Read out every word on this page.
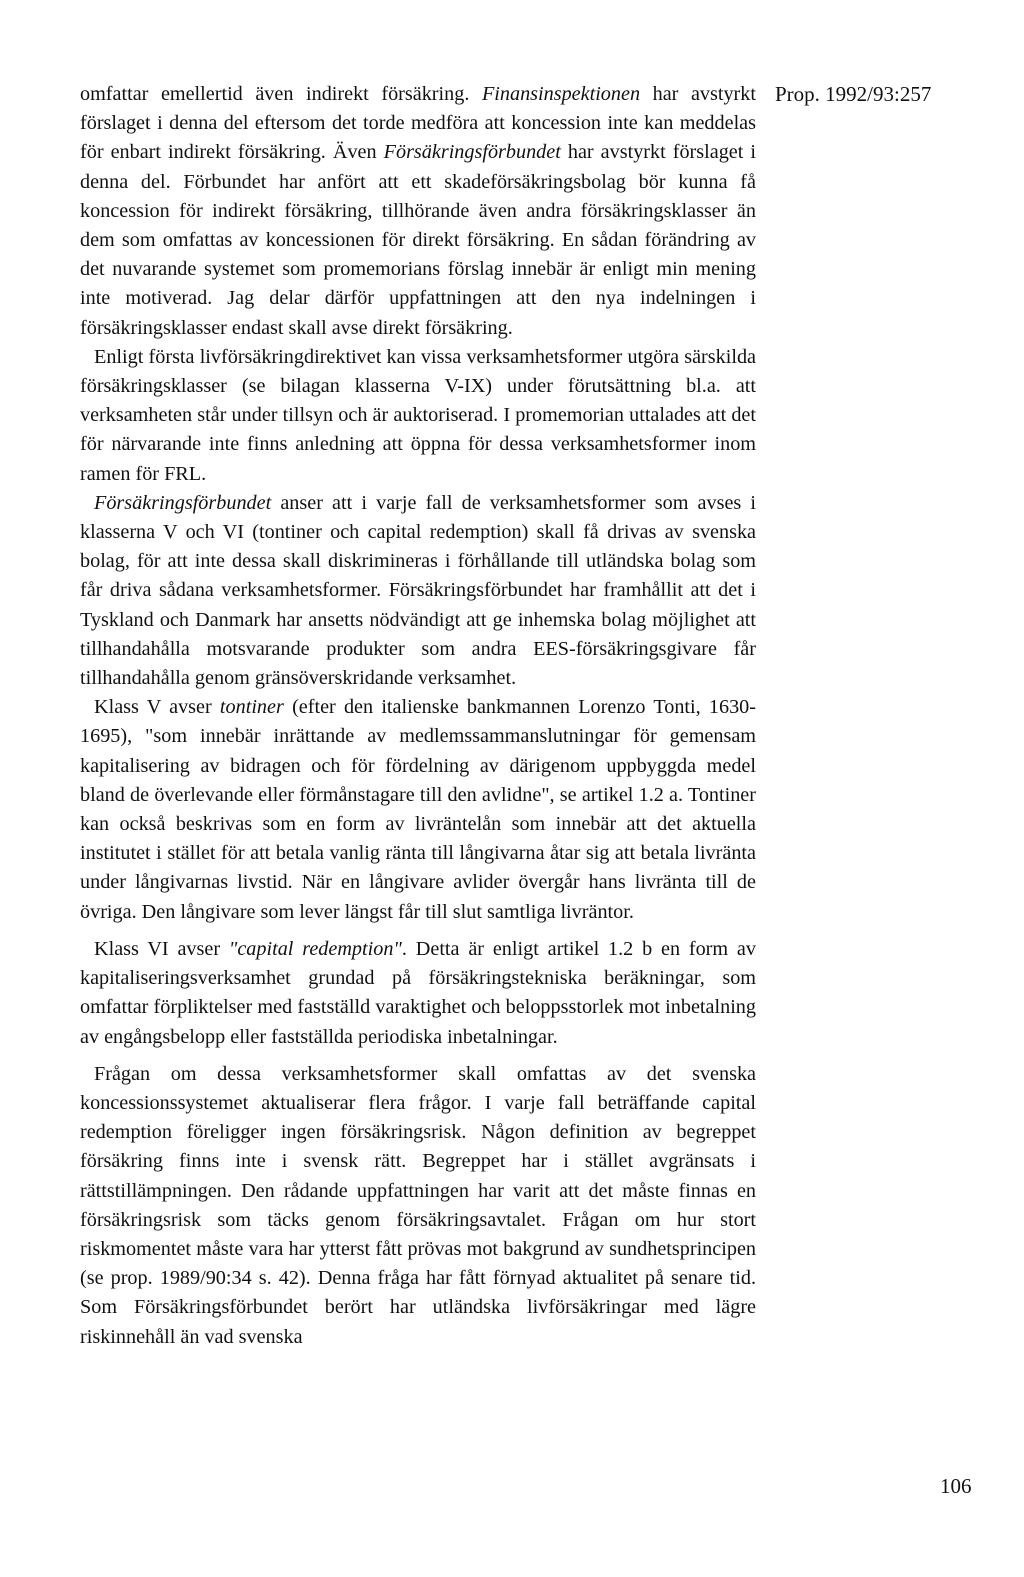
Prop. 1992/93:257

omfattar emellertid även indirekt försäkring. Finansinspektionen har avstyrkt förslaget i denna del eftersom det torde medföra att koncession inte kan meddelas för enbart indirekt försäkring. Även Försäkringsförbundet har avstyrkt förslaget i denna del. Förbundet har anfört att ett skadeförsäkringsbolag bör kunna få koncession för indirekt försäkring, tillhörande även andra försäkringsklasser än dem som omfattas av koncessionen för direkt försäkring. En sådan förändring av det nuvarande systemet som promemorians förslag innebär är enligt min mening inte motiverad. Jag delar därför uppfattningen att den nya indelningen i försäkringsklasser endast skall avse direkt försäkring.

Enligt första livförsäkringdirektivet kan vissa verksamhetsformer utgöra särskilda försäkringsklasser (se bilagan klasserna V-IX) under förutsättning bl.a. att verksamheten står under tillsyn och är auktoriserad. I promemorian uttalades att det för närvarande inte finns anledning att öppna för dessa verksamhetsformer inom ramen för FRL.

Försäkringsförbundet anser att i varje fall de verksamhetsformer som avses i klasserna V och VI (tontiner och capital redemption) skall få drivas av svenska bolag, för att inte dessa skall diskrimineras i förhållande till utländska bolag som får driva sådana verksamhetsformer. Försäkringsförbundet har framhållit att det i Tyskland och Danmark har ansetts nödvändigt att ge inhemska bolag möjlighet att tillhandahålla motsvarande produkter som andra EES-försäkringsgivare får tillhandahålla genom gränsöverskridande verksamhet.

Klass V avser tontiner (efter den italienske bankmannen Lorenzo Tonti, 1630-1695), "som innebär inrättande av medlemssammanslutningar för gemensam kapitalisering av bidragen och för fördelning av därigenom uppbyggda medel bland de överlevande eller förmånstagare till den avlidne", se artikel 1.2 a. Tontiner kan också beskrivas som en form av livräntelån som innebär att det aktuella institutet i stället för att betala vanlig ränta till långivarna åtar sig att betala livränta under långivarnas livstid. När en långivare avlider övergår hans livränta till de övriga. Den långivare som lever längst får till slut samtliga livräntor.

Klass VI avser "capital redemption". Detta är enligt artikel 1.2 b en form av kapitaliseringsverksamhet grundad på försäkringstekniska beräkningar, som omfattar förpliktelser med fastställd varaktighet och beloppsstorlek mot inbetalning av engångsbelopp eller fastställda periodiska inbetalningar.

Frågan om dessa verksamhetsformer skall omfattas av det svenska koncessionssystemet aktualiserar flera frågor. I varje fall beträffande capital redemption föreligger ingen försäkringsrisk. Någon definition av begreppet försäkring finns inte i svensk rätt. Begreppet har i stället avgränsats i rättstillämpningen. Den rådande uppfattningen har varit att det måste finnas en försäkringsrisk som täcks genom försäkringsavtalet. Frågan om hur stort riskmomentet måste vara har ytterst fått prövas mot bakgrund av sundhetsprincipen (se prop. 1989/90:34 s. 42). Denna fråga har fått förnyad aktualitet på senare tid. Som Försäkringsförbundet berört har utländska livförsäkringar med lägre riskinnehåll än vad svenska

106
